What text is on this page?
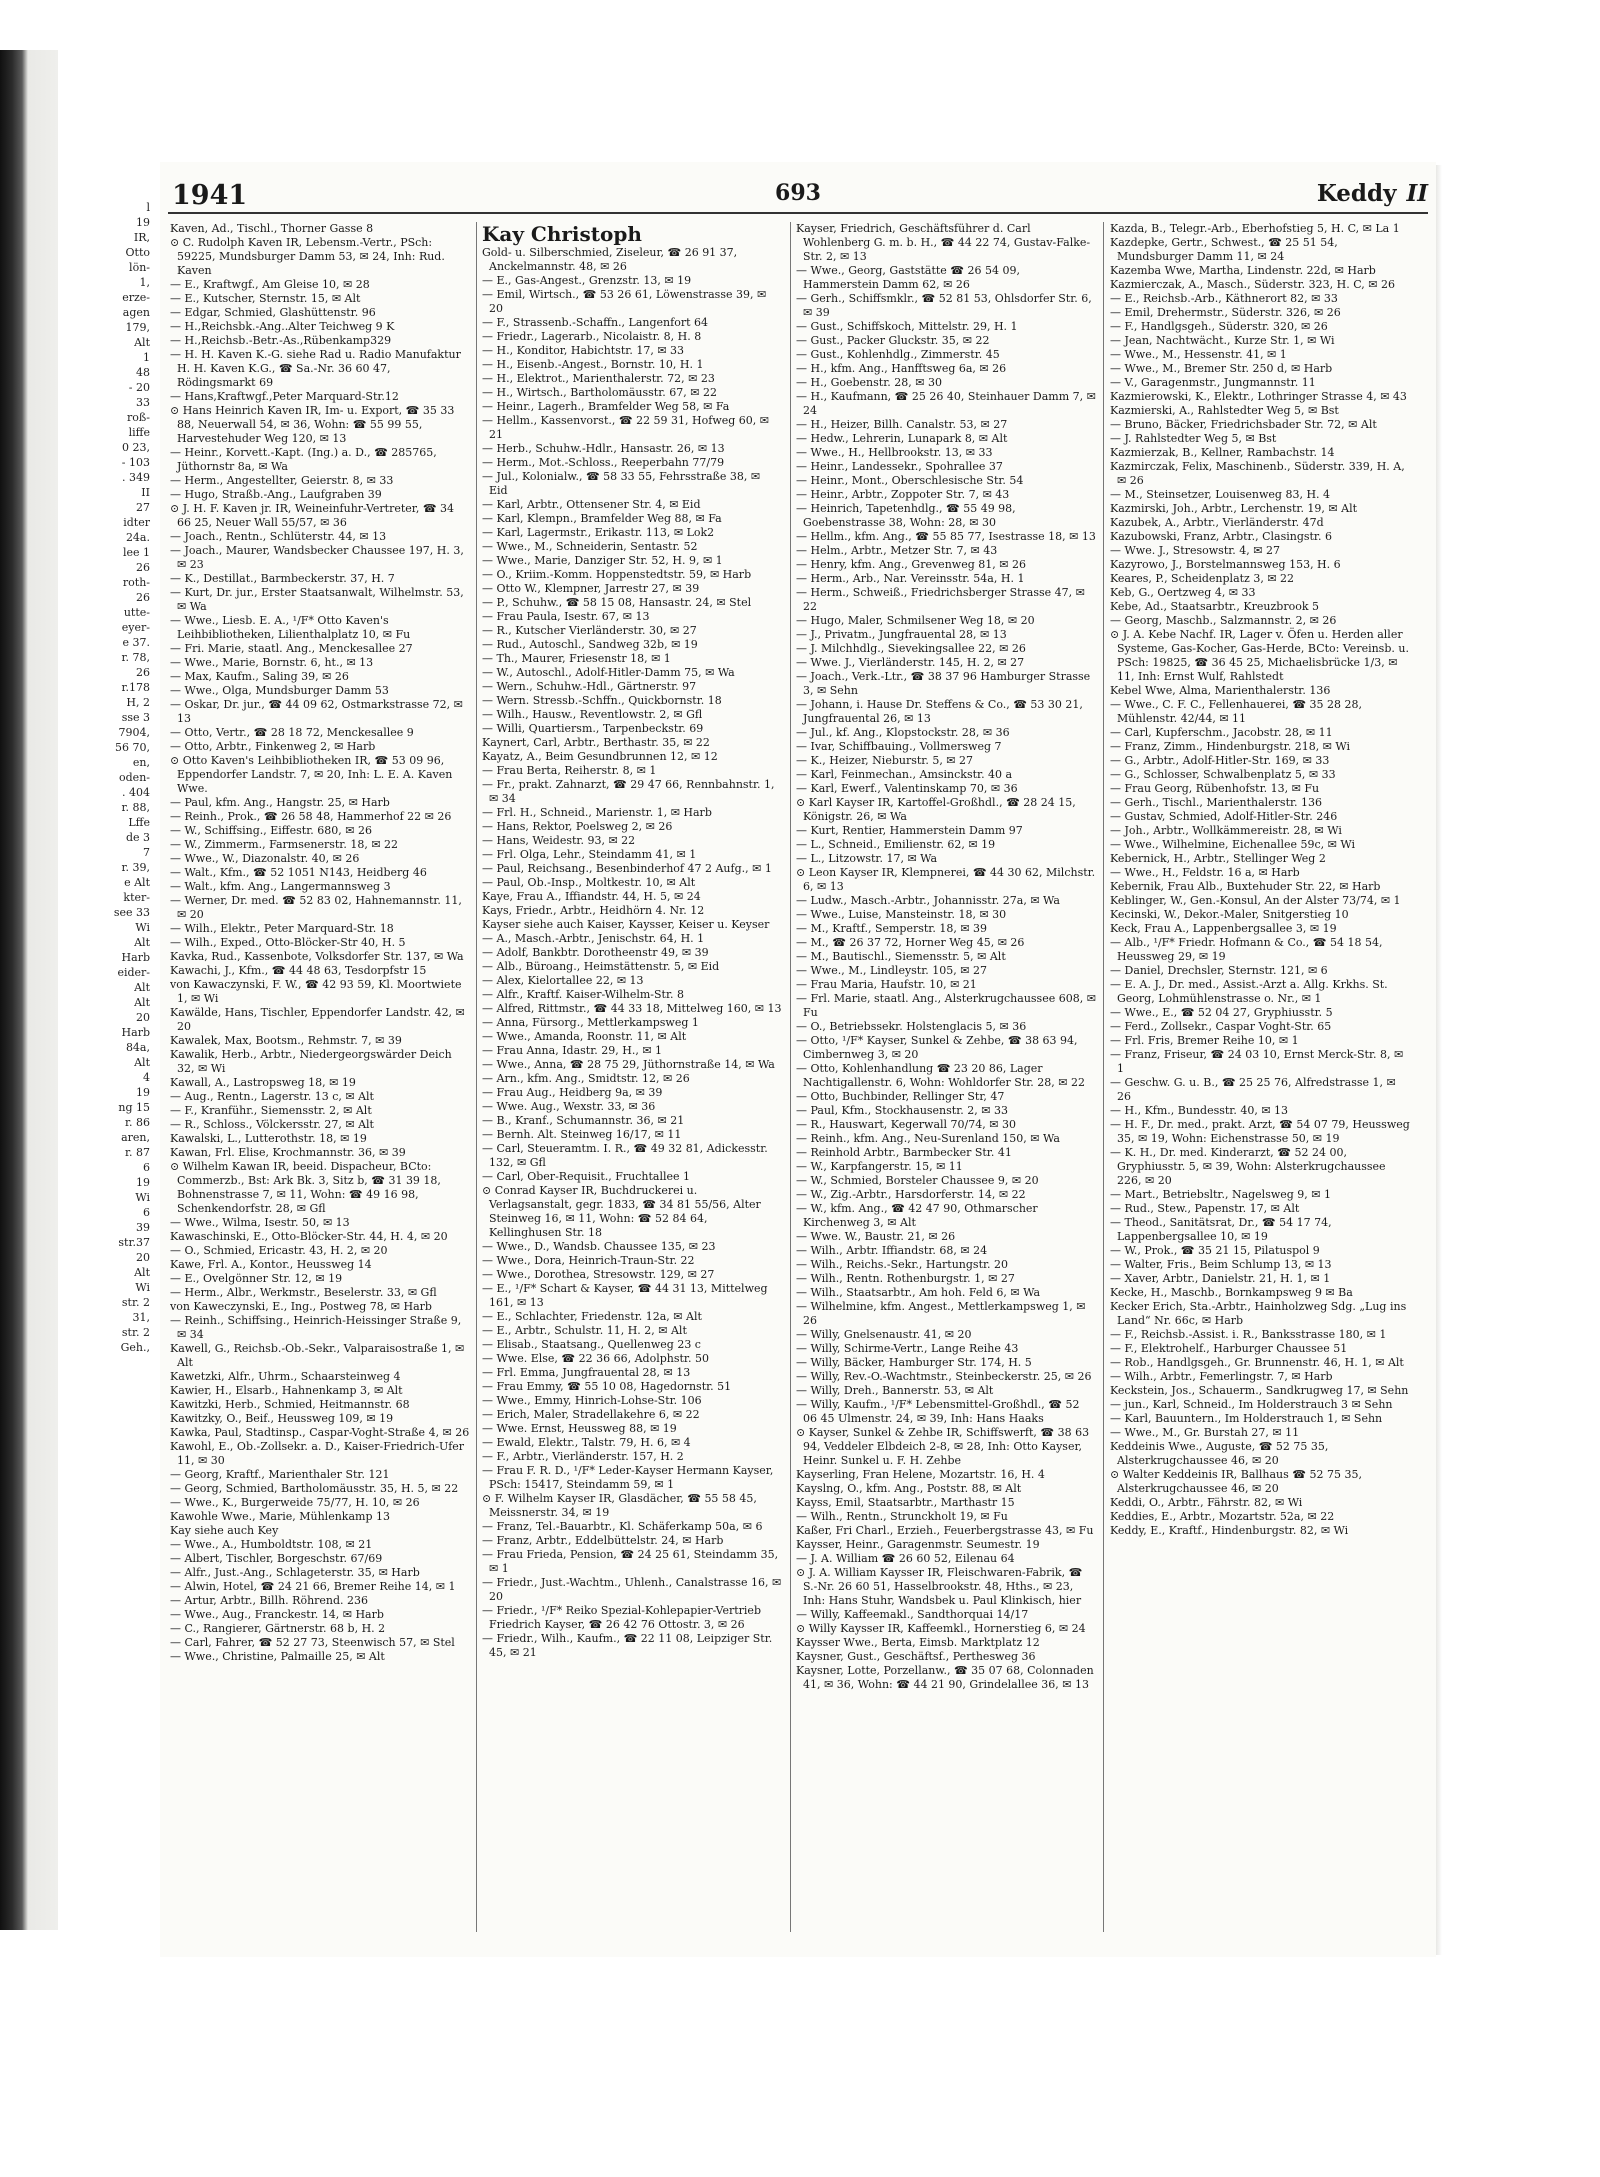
l
19
IR,
Otto
lön-
1,
erze-
agen
179,
Alt
1
48
- 20
33
roß-
liffe
0 23,
- 103
. 349
II
27
idter
24a.
lee 1
26
roth-
26
utte-
eyer-
e 37.
r. 78,
26
r.178
H, 2
sse 3
7904,
56 70,
en,
oden-
. 404
r. 88,
Lffe
de 3
7
r. 39,
e Alt
kter-
see 33
Wi
Alt
Harb
eider-
Alt
Alt
20
Harb
84a,
Alt
4
19
ng 15
r. 86
aren,
r. 87
6
19
Wi
6
39
str.37
20
Alt
Wi
str. 2
31,
str. 2
Geh.,
1941	693	Keddy II

Kaven, Ad., Tischl., Thorner Gasse 8

⊙ C. Rudolph Kaven IR, Lebensm.-Vertr., PSch: 59225, Mundsburger Damm 53, ✉ 24, Inh: Rud. Kaven

— E., Kraftwgf., Am Gleise 10, ✉ 28

— E., Kutscher, Sternstr. 15, ✉ Alt

— Edgar, Schmied, Glashüttenstr. 96

— H.,Reichsbk.-Ang..Alter Teichweg 9 K

— H.,Reichsb.-Betr.-As.,Rübenkamp329

— H. H. Kaven K.-G. siehe Rad u. Radio Manufaktur H. H. Kaven K.G., ☎ Sa.-Nr. 36 60 47, Rödingsmarkt 69

— Hans,Kraftwgf.,Peter Marquard-Str.12

⊙ Hans Heinrich Kaven IR, Im- u. Export, ☎ 35 33 88, Neuerwall 54, ✉ 36, Wohn: ☎ 55 99 55, Harvestehuder Weg 120, ✉ 13

— Heinr., Korvett.-Kapt. (Ing.) a. D., ☎ 285765, Jüthornstr 8a, ✉ Wa

— Herm., Angestellter, Geierstr. 8, ✉ 33

— Hugo, Straßb.-Ang., Laufgraben 39

⊙ J. H. F. Kaven jr. IR, Weineinfuhr-Vertreter, ☎ 34 66 25, Neuer Wall 55/57, ✉ 36

— Joach., Rentn., Schlüterstr. 44, ✉ 13

— Joach., Maurer, Wandsbecker Chaussee 197, H. 3, ✉ 23

— K., Destillat., Barmbeckerstr. 37, H. 7

— Kurt, Dr. jur., Erster Staatsanwalt, Wilhelmstr. 53, ✉ Wa

— Wwe., Liesb. E. A., ¹/F* Otto Kaven's Leihbibliotheken, Lilienthalplatz 10, ✉ Fu

— Fri. Marie, staatl. Ang., Menckesallee 27

— Wwe., Marie, Bornstr. 6, ht., ✉ 13

— Max, Kaufm., Saling 39, ✉ 26

— Wwe., Olga, Mundsburger Damm 53

— Oskar, Dr. jur., ☎ 44 09 62, Ostmarkstrasse 72, ✉ 13

— Otto, Vertr., ☎ 28 18 72, Menckesallee 9

— Otto, Arbtr., Finkenweg 2, ✉ Harb

⊙ Otto Kaven's Leihbibliotheken IR, ☎ 53 09 96, Eppendorfer Landstr. 7, ✉ 20, Inh: L. E. A. Kaven Wwe.

— Paul, kfm. Ang., Hangstr. 25, ✉ Harb

— Reinh., Prok., ☎ 26 58 48, Hammerhof 22 ✉ 26

— W., Schiffsing., Eiffestr. 680, ✉ 26

— W., Zimmerm., Farmsenerstr. 18, ✉ 22

— Wwe., W., Diazonalstr. 40, ✉ 26

— Walt., Kfm., ☎ 52 1051 N143, Heidberg 46

— Walt., kfm. Ang., Langermannsweg 3

— Werner, Dr. med. ☎ 52 83 02, Hahnemannstr. 11, ✉ 20

— Wilh., Elektr., Peter Marquard-Str. 18

— Wilh., Exped., Otto-Blöcker-Str 40, H. 5

Kavka, Rud., Kassenbote, Volksdorfer Str. 137, ✉ Wa

Kawachi, J., Kfm., ☎ 44 48 63, Tesdorpfstr 15

von Kawaczynski, F. W., ☎ 42 93 59, Kl. Moortwiete 1, ✉ Wi

Kawälde, Hans, Tischler, Eppendorfer Landstr. 42, ✉ 20

Kawalek, Max, Bootsm., Rehmstr. 7, ✉ 39

Kawalik, Herb., Arbtr., Niedergeorgswärder Deich 32, ✉ Wi

Kawall, A., Lastropsweg 18, ✉ 19

— Aug., Rentn., Lagerstr. 13 c, ✉ Alt

— F., Kranführ., Siemensstr. 2, ✉ Alt

— R., Schloss., Völckersstr. 27, ✉ Alt

Kawalski, L., Lutterothstr. 18, ✉ 19

Kawan, Frl. Elise, Krochmannstr. 36, ✉ 39

⊙ Wilhelm Kawan IR, beeid. Dispacheur, BCto: Commerzb., Bst: Ark Bk. 3, Sitz b, ☎ 31 39 18, Bohnenstrasse 7, ✉ 11, Wohn: ☎ 49 16 98, Schenkendorfstr. 28, ✉ Gfl

— Wwe., Wilma, Isestr. 50, ✉ 13

Kawaschinski, E., Otto-Blöcker-Str. 44, H. 4, ✉ 20

— O., Schmied, Ericastr. 43, H. 2, ✉ 20

Kawe, Frl. A., Kontor., Heussweg 14

— E., Ovelgönner Str. 12, ✉ 19

— Herm., Albr., Werkmstr., Beselerstr. 33, ✉ Gfl

von Kaweczynski, E., Ing., Postweg 78, ✉ Harb

— Reinh., Schiffsing., Heinrich-Heissinger Straße 9, ✉ 34

Kawell, G., Reichsb.-Ob.-Sekr., Valparaisostraße 1, ✉ Alt

Kawetzki, Alfr., Uhrm., Schaarsteinweg 4

Kawier, H., Elsarb., Hahnenkamp 3, ✉ Alt

Kawitzki, Herb., Schmied, Heitmannstr. 68

Kawitzky, O., Beif., Heussweg 109, ✉ 19

Kawka, Paul, Stadtinsp., Caspar-Voght-Straße 4, ✉ 26

Kawohl, E., Ob.-Zollsekr. a. D., Kaiser-Friedrich-Ufer 11, ✉ 30

— Georg, Kraftf., Marienthaler Str. 121

— Georg, Schmied, Bartholomäusstr. 35, H. 5, ✉ 22

— Wwe., K., Burgerweide 75/77, H. 10, ✉ 26

Kawohle Wwe., Marie, Mühlenkamp 13

Kay siehe auch Key

— Wwe., A., Humboldtstr. 108, ✉ 21

— Albert, Tischler, Borgeschstr. 67/69

— Alfr., Just.-Ang., Schlageterstr. 35, ✉ Harb

— Alwin, Hotel, ☎ 24 21 66, Bremer Reihe 14, ✉ 1

— Artur, Arbtr., Billh. Röhrend. 236

— Wwe., Aug., Franckestr. 14, ✉ Harb

— C., Rangierer, Gärtnerstr. 68 b, H. 2

— Carl, Fahrer, ☎ 52 27 73, Steenwisch 57, ✉ Stel

— Wwe., Christine, Palmaille 25, ✉ Alt

Kay Christoph

Gold- u. Silberschmied, Ziseleur, ☎ 26 91 37, Anckelmannstr. 48, ✉ 26

— E., Gas-Angest., Grenzstr. 13, ✉ 19

— Emil, Wirtsch., ☎ 53 26 61, Löwenstrasse 39, ✉ 20

— F., Strassenb.-Schaffn., Langenfort 64

— Friedr., Lagerarb., Nicolaistr. 8, H. 8

— H., Konditor, Habichtstr. 17, ✉ 33

— H., Eisenb.-Angest., Bornstr. 10, H. 1

— H., Elektrot., Marienthalerstr. 72, ✉ 23

— H., Wirtsch., Bartholomäusstr. 67, ✉ 22

— Heinr., Lagerh., Bramfelder Weg 58, ✉ Fa

— Hellm., Kassenvorst., ☎ 22 59 31, Hofweg 60, ✉ 21

— Herb., Schuhw.-Hdlr., Hansastr. 26, ✉ 13

— Herm., Mot.-Schloss., Reeperbahn 77/79

— Jul., Kolonialw., ☎ 58 33 55, Fehrsstraße 38, ✉ Eid

— Karl, Arbtr., Ottensener Str. 4, ✉ Eid

— Karl, Klempn., Bramfelder Weg 88, ✉ Fa

— Karl, Lagermstr., Erikastr. 113, ✉ Lok2

— Wwe., M., Schneiderin, Sentastr. 52

— Wwe., Marie, Danziger Str. 52, H. 9, ✉ 1

— O., Kriim.-Komm. Hoppenstedtstr. 59, ✉ Harb

— Otto W., Klempner, Jarrestr 27, ✉ 39

— P., Schuhw., ☎ 58 15 08, Hansastr. 24, ✉ Stel

— Frau Paula, Isestr. 67, ✉ 13

— R., Kutscher Vierländerstr. 30, ✉ 27

— Rud., Autoschl., Sandweg 32b, ✉ 19

— Th., Maurer, Friesenstr 18, ✉ 1

— W., Autoschl., Adolf-Hitler-Damm 75, ✉ Wa

— Wern., Schuhw.-Hdl., Gärtnerstr. 97

— Wern. Stressb.-Schffn., Quickbornstr. 18

— Wilh., Hausw., Reventlowstr. 2, ✉ Gfl

— Willi, Quartiersm., Tarpenbeckstr. 69

Kaynert, Carl, Arbtr., Berthastr. 35, ✉ 22

Kayatz, A., Beim Gesundbrunnen 12, ✉ 12

— Frau Berta, Reiherstr. 8, ✉ 1

— Fr., prakt. Zahnarzt, ☎ 29 47 66, Rennbahnstr. 1, ✉ 34

— Frl. H., Schneid., Marienstr. 1, ✉ Harb

— Hans, Rektor, Poelsweg 2, ✉ 26

— Hans, Weidestr. 93, ✉ 22

— Frl. Olga, Lehr., Steindamm 41, ✉ 1

— Paul, Reichsang., Besenbinderhof 47 2 Aufg., ✉ 1

— Paul, Ob.-Insp., Moltkestr. 10, ✉ Alt

Kaye, Frau A., Iffiandstr. 44, H. 5, ✉ 24

Kays, Friedr., Arbtr., Heidhörn 4. Nr. 12

Kayser siehe auch Kaiser, Kaysser, Keiser u. Keyser

— A., Masch.-Arbtr., Jenischstr. 64, H. 1

— Adolf, Bankbtr. Dorotheenstr 49, ✉ 39

— Alb., Büroang., Heimstättenstr. 5, ✉ Eid

— Alex, Kielortallee 22, ✉ 13

— Alfr., Kraftf. Kaiser-Wilhelm-Str. 8

— Alfred, Rittmstr., ☎ 44 33 18, Mittelweg 160, ✉ 13

— Anna, Fürsorg., Mettlerkampsweg 1

— Wwe., Amanda, Roonstr. 11, ✉ Alt

— Frau Anna, Idastr. 29, H., ✉ 1

— Wwe., Anna, ☎ 28 75 29, Jüthornstraße 14, ✉ Wa

— Arn., kfm. Ang., Smidtstr. 12, ✉ 26

— Frau Aug., Heidberg 9a, ✉ 39

— Wwe. Aug., Wexstr. 33, ✉ 36

— B., Kranf., Schumannstr. 36, ✉ 21

— Bernh. Alt. Steinweg 16/17, ✉ 11

— Carl, Steueramtm. I. R., ☎ 49 32 81, Adickesstr. 132, ✉ Gfl

— Carl, Ober-Requisit., Fruchtallee 1

⊙ Conrad Kayser IR, Buchdruckerei u. Verlagsanstalt, gegr. 1833, ☎ 34 81 55/56, Alter Steinweg 16, ✉ 11, Wohn: ☎ 52 84 64, Kellinghusen Str. 18

— Wwe., D., Wandsb. Chaussee 135, ✉ 23

— Wwe., Dora, Heinrich-Traun-Str. 22

— Wwe., Dorothea, Stresowstr. 129, ✉ 27

— E., ¹/F* Schart & Kayser, ☎ 44 31 13, Mittelweg 161, ✉ 13

— E., Schlachter, Friedenstr. 12a, ✉ Alt

— E., Arbtr., Schulstr. 11, H. 2, ✉ Alt

— Elisab., Staatsang., Quellenweg 23 c

— Wwe. Else, ☎ 22 36 66, Adolphstr. 50

— Frl. Emma, Jungfrauental 28, ✉ 13

— Frau Emmy, ☎ 55 10 08, Hagedornstr. 51

— Wwe., Emmy, Hinrich-Lohse-Str. 106

— Erich, Maler, Stradellakehre 6, ✉ 22

— Wwe. Ernst, Heussweg 88, ✉ 19

— Ewald, Elektr., Talstr. 79, H. 6, ✉ 4

— F., Arbtr., Vierländerstr. 157, H. 2

— Frau F. R. D., ¹/F* Leder-Kayser Hermann Kayser, PSch: 15417, Steindamm 59, ✉ 1

⊙ F. Wilhelm Kayser IR, Glasdächer, ☎ 55 58 45, Meissnerstr. 34, ✉ 19

— Franz, Tel.-Bauarbtr., Kl. Schäferkamp 50a, ✉ 6

— Franz, Arbtr., Eddelbüttelstr. 24, ✉ Harb

— Frau Frieda, Pension, ☎ 24 25 61, Steindamm 35, ✉ 1

— Friedr., Just.-Wachtm., Uhlenh., Canalstrasse 16, ✉ 20

— Friedr., ¹/F* Reiko Spezial-Kohlepapier-Vertrieb Friedrich Kayser, ☎ 26 42 76 Ottostr. 3, ✉ 26

— Friedr., Wilh., Kaufm., ☎ 22 11 08, Leipziger Str. 45, ✉ 21

Kayser, Friedrich, Geschäftsführer d. Carl Wohlenberg G. m. b. H., ☎ 44 22 74, Gustav-Falke-Str. 2, ✉ 13

— Wwe., Georg, Gaststätte ☎ 26 54 09, Hammerstein Damm 62, ✉ 26

— Gerh., Schiffsmklr., ☎ 52 81 53, Ohlsdorfer Str. 6, ✉ 39

— Gust., Schiffskoch, Mittelstr. 29, H. 1

— Gust., Packer Gluckstr. 35, ✉ 22

— Gust., Kohlenhdlg., Zimmerstr. 45

— H., kfm. Ang., Hanfftsweg 6a, ✉ 26

— H., Goebenstr. 28, ✉ 30

— H., Kaufmann, ☎ 25 26 40, Steinhauer Damm 7, ✉ 24

— H., Heizer, Billh. Canalstr. 53, ✉ 27

— Hedw., Lehrerin, Lunapark 8, ✉ Alt

— Wwe., H., Hellbrookstr. 13, ✉ 33

— Heinr., Landessekr., Spohrallee 37

— Heinr., Mont., Oberschlesische Str. 54

— Heinr., Arbtr., Zoppoter Str. 7, ✉ 43

— Heinrich, Tapetenhdlg., ☎ 55 49 98, Goebenstrasse 38, Wohn: 28, ✉ 30

— Hellm., kfm. Ang., ☎ 55 85 77, Isestrasse 18, ✉ 13

— Helm., Arbtr., Metzer Str. 7, ✉ 43

— Henry, kfm. Ang., Grevenweg 81, ✉ 26

— Herm., Arb., Nar. Vereinsstr. 54a, H. 1

— Herm., Schweiß., Friedrichsberger Strasse 47, ✉ 22

— Hugo, Maler, Schmilsener Weg 18, ✉ 20

— J., Privatm., Jungfrauental 28, ✉ 13

— J. Milchhdlg., Sievekingsallee 22, ✉ 26

— Wwe. J., Vierländerstr. 145, H. 2, ✉ 27

— Joach., Verk.-Ltr., ☎ 38 37 96 Hamburger Strasse 3, ✉ Sehn

— Johann, i. Hause Dr. Steffens & Co., ☎ 53 30 21, Jungfrauental 26, ✉ 13

— Jul., kf. Ang., Klopstockstr. 28, ✉ 36

— Ivar, Schiffbauing., Vollmersweg 7

— K., Heizer, Nieburstr. 5, ✉ 27

— Karl, Feinmechan., Amsinckstr. 40 a

— Karl, Ewerf., Valentinskamp 70, ✉ 36

⊙ Karl Kayser IR, Kartoffel-Großhdl., ☎ 28 24 15, Königstr. 26, ✉ Wa

— Kurt, Rentier, Hammerstein Damm 97

— L., Schneid., Emilienstr. 62, ✉ 19

— L., Litzowstr. 17, ✉ Wa

⊙ Leon Kayser IR, Klempnerei, ☎ 44 30 62, Milchstr. 6, ✉ 13

— Ludw., Masch.-Arbtr., Johannisstr. 27a, ✉ Wa

— Wwe., Luise, Mansteinstr. 18, ✉ 30

— M., Kraftf., Semperstr. 18, ✉ 39

— M., ☎ 26 37 72, Horner Weg 45, ✉ 26

— M., Bautischl., Siemensstr. 5, ✉ Alt

— Wwe., M., Lindleystr. 105, ✉ 27

— Frau Maria, Haufstr. 10, ✉ 21

— Frl. Marie, staatl. Ang., Alsterkrugchaussee 608, ✉ Fu

— O., Betriebssekr. Holstenglacis 5, ✉ 36

— Otto, ¹/F* Kayser, Sunkel & Zehbe, ☎ 38 63 94, Cimbernweg 3, ✉ 20

— Otto, Kohlenhandlung ☎ 23 20 86, Lager Nachtigallenstr. 6, Wohn: Wohldorfer Str. 28, ✉ 22

— Otto, Buchbinder, Rellinger Str, 47

— Paul, Kfm., Stockhausenstr. 2, ✉ 33

— R., Hauswart, Kegerwall 70/74, ✉ 30

— Reinh., kfm. Ang., Neu-Surenland 150, ✉ Wa

— Reinhold Arbtr., Barmbecker Str. 41

— W., Karpfangerstr. 15, ✉ 11

— W., Schmied, Borsteler Chaussee 9, ✉ 20

— W., Zig.-Arbtr., Harsdorferstr. 14, ✉ 22

— W., kfm. Ang., ☎ 42 47 90, Othmarscher Kirchenweg 3, ✉ Alt

— Wwe. W., Baustr. 21, ✉ 26

— Wilh., Arbtr. Iffiandstr. 68, ✉ 24

— Wilh., Reichs.-Sekr., Hartungstr. 20

— Wilh., Rentn. Rothenburgstr. 1, ✉ 27

— Wilh., Staatsarbtr., Am hoh. Feld 6, ✉ Wa

— Wilhelmine, kfm. Angest., Mettlerkampsweg 1, ✉ 26

— Willy, Gnelsenaustr. 41, ✉ 20

— Willy, Schirme-Vertr., Lange Reihe 43

— Willy, Bäcker, Hamburger Str. 174, H. 5

— Willy, Rev.-O.-Wachtmstr., Steinbeckerstr. 25, ✉ 26

— Willy, Dreh., Bannerstr. 53, ✉ Alt

— Willy, Kaufm., ¹/F* Lebensmittel-Großhdl., ☎ 52 06 45 Ulmenstr. 24, ✉ 39, Inh: Hans Haaks

⊙ Kayser, Sunkel & Zehbe IR, Schiffswerft, ☎ 38 63 94, Veddeler Elbdeich 2-8, ✉ 28, Inh: Otto Kayser, Heinr. Sunkel u. F. H. Zehbe

Kayserling, Fran Helene, Mozartstr. 16, H. 4

Kayslng, O., kfm. Ang., Poststr. 88, ✉ Alt

Kayss, Emil, Staatsarbtr., Marthastr 15

— Wilh., Rentn., Strunckholt 19, ✉ Fu

Kaßer, Fri Charl., Erzieh., Feuerbergstrasse 43, ✉ Fu

Kaysser, Heinr., Garagenmstr. Seumestr. 19

— J. A. William ☎ 26 60 52, Eilenau 64

⊙ J. A. William Kaysser IR, Fleischwaren-Fabrik, ☎ S.-Nr. 26 60 51, Hasselbrookstr. 48, Hths., ✉ 23, Inh: Hans Stuhr, Wandsbek u. Paul Klinkisch, hier

— Willy, Kaffeemakl., Sandthorquai 14/17

⊙ Willy Kaysser IR, Kaffeemkl., Hornerstieg 6, ✉ 24

Kaysser Wwe., Berta, Eimsb. Marktplatz 12

Kaysner, Gust., Geschäftsf., Perthesweg 36

Kaysner, Lotte, Porzellanw., ☎ 35 07 68, Colonnaden 41, ✉ 36, Wohn: ☎ 44 21 90, Grindelallee 36, ✉ 13

Kazda, B., Telegr.-Arb., Eberhofstieg 5, H. C, ✉ La 1

Kazdepke, Gertr., Schwest., ☎ 25 51 54, Mundsburger Damm 11, ✉ 24

Kazemba Wwe, Martha, Lindenstr. 22d, ✉ Harb

Kazmierczak, A., Masch., Süderstr. 323, H. C, ✉ 26

— E., Reichsb.-Arb., Käthnerort 82, ✉ 33

— Emil, Drehermstr., Süderstr. 326, ✉ 26

— F., Handlgsgeh., Süderstr. 320, ✉ 26

— Jean, Nachtwächt., Kurze Str. 1, ✉ Wi

— Wwe., M., Hessenstr. 41, ✉ 1

— Wwe., M., Bremer Str. 250 d, ✉ Harb

— V., Garagenmstr., Jungmannstr. 11

Kazmierowski, K., Elektr., Lothringer Strasse 4, ✉ 43

Kazmierski, A., Rahlstedter Weg 5, ✉ Bst

— Bruno, Bäcker, Friedrichsbader Str. 72, ✉ Alt

— J. Rahlstedter Weg 5, ✉ Bst

Kazmierzak, B., Kellner, Rambachstr. 14

Kazmirczak, Felix, Maschinenb., Süderstr. 339, H. A, ✉ 26

— M., Steinsetzer, Louisenweg 83, H. 4

Kazmirski, Joh., Arbtr., Lerchenstr. 19, ✉ Alt

Kazubek, A., Arbtr., Vierländerstr. 47d

Kazubowski, Franz, Arbtr., Clasingstr. 6

— Wwe. J., Stresowstr. 4, ✉ 27

Kazyrowo, J., Borstelmannsweg 153, H. 6

Keares, P., Scheidenplatz 3, ✉ 22

Keb, G., Oertzweg 4, ✉ 33

Kebe, Ad., Staatsarbtr., Kreuzbrook 5

— Georg, Maschb., Salzmannstr. 2, ✉ 26

⊙ J. A. Kebe Nachf. IR, Lager v. Öfen u. Herden aller Systeme, Gas-Kocher, Gas-Herde, BCto: Vereinsb. u. PSch: 19825, ☎ 36 45 25, Michaelisbrücke 1/3, ✉ 11, Inh: Ernst Wulf, Rahlstedt

Kebel Wwe, Alma, Marienthalerstr. 136

— Wwe., C. F. C., Fellenhauerei, ☎ 35 28 28, Mühlenstr. 42/44, ✉ 11

— Carl, Kupferschm., Jacobstr. 28, ✉ 11

— Franz, Zimm., Hindenburgstr. 218, ✉ Wi

— G., Arbtr., Adolf-Hitler-Str. 169, ✉ 33

— G., Schlosser, Schwalbenplatz 5, ✉ 33

— Frau Georg, Rübenhofstr. 13, ✉ Fu

— Gerh., Tischl., Marienthalerstr. 136

— Gustav, Schmied, Adolf-Hitler-Str. 246

— Joh., Arbtr., Wollkämmereistr. 28, ✉ Wi

— Wwe., Wilhelmine, Eichenallee 59c, ✉ Wi

Kebernick, H., Arbtr., Stellinger Weg 2

— Wwe., H., Feldstr. 16 a, ✉ Harb

Kebernik, Frau Alb., Buxtehuder Str. 22, ✉ Harb

Keblinger, W., Gen.-Konsul, An der Alster 73/74, ✉ 1

Kecinski, W., Dekor.-Maler, Snitgerstieg 10

Keck, Frau A., Lappenbergsallee 3, ✉ 19

— Alb., ¹/F* Friedr. Hofmann & Co., ☎ 54 18 54, Heussweg 29, ✉ 19

— Daniel, Drechsler, Sternstr. 121, ✉ 6

— E. A. J., Dr. med., Assist.-Arzt a. Allg. Krkhs. St. Georg, Lohmühlenstrasse o. Nr., ✉ 1

— Wwe., E., ☎ 52 04 27, Gryphiusstr. 5

— Ferd., Zollsekr., Caspar Voght-Str. 65

— Frl. Fris, Bremer Reihe 10, ✉ 1

— Franz, Friseur, ☎ 24 03 10, Ernst Merck-Str. 8, ✉ 1

— Geschw. G. u. B., ☎ 25 25 76, Alfredstrasse 1, ✉ 26

— H., Kfm., Bundesstr. 40, ✉ 13

— H. F., Dr. med., prakt. Arzt, ☎ 54 07 79, Heussweg 35, ✉ 19, Wohn: Eichenstrasse 50, ✉ 19

— K. H., Dr. med. Kinderarzt, ☎ 52 24 00, Gryphiusstr. 5, ✉ 39, Wohn: Alsterkrugchaussee 226, ✉ 20

— Mart., Betriebsltr., Nagelsweg 9, ✉ 1

— Rud., Stew., Papenstr. 17, ✉ Alt

— Theod., Sanitätsrat, Dr., ☎ 54 17 74, Lappenbergsallee 10, ✉ 19

— W., Prok., ☎ 35 21 15, Pilatuspol 9

— Walter, Fris., Beim Schlump 13, ✉ 13

— Xaver, Arbtr., Danielstr. 21, H. 1, ✉ 1

Kecke, H., Maschb., Bornkampsweg 9 ✉ Ba

Kecker Erich, Sta.-Arbtr., Hainholzweg Sdg. „Lug ins Land“ Nr. 66c, ✉ Harb

— F., Reichsb.-Assist. i. R., Banksstrasse 180, ✉ 1

— F., Elektrohelf., Harburger Chaussee 51

— Rob., Handlgsgeh., Gr. Brunnenstr. 46, H. 1, ✉ Alt

— Wilh., Arbtr., Femerlingstr. 7, ✉ Harb

Keckstein, Jos., Schauerm., Sandkrugweg 17, ✉ Sehn

— jun., Karl, Schneid., Im Holderstrauch 3 ✉ Sehn

— Karl, Bauuntern., Im Holderstrauch 1, ✉ Sehn

— Wwe., M., Gr. Burstah 27, ✉ 11

Keddeinis Wwe., Auguste, ☎ 52 75 35, Alsterkrugchaussee 46, ✉ 20

⊙ Walter Keddeinis IR, Ballhaus ☎ 52 75 35, Alsterkrugchaussee 46, ✉ 20

Keddi, O., Arbtr., Fährstr. 82, ✉ Wi

Keddies, E., Arbtr., Mozartstr. 52a, ✉ 22

Keddy, E., Kraftf., Hindenburgstr. 82, ✉ Wi
